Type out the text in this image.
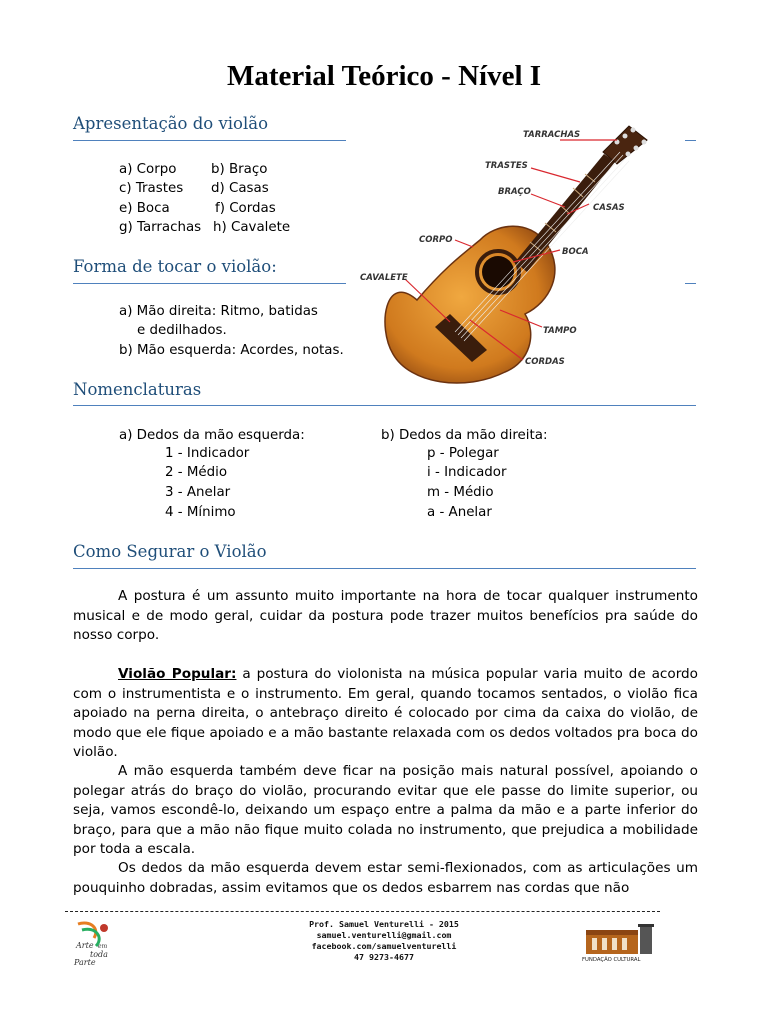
Material Teórico - Nível I
Apresentação do violão
a) Corpo	b) Braço
c) Trastes d) Casas
e) Boca	f) Cordas
g) Tarrachas h) Cavalete
Forma de tocar o violão:
a) Mão direita: Ritmo, batidas
e dedilhados.
b) Mão esquerda: Acordes, notas.
TARRACHAS
TRASTES
BRAÇO
CASAS
CORPO
BOCA
CAVALETE
TAMPO
CORDAS
Nomenclaturas
a) Dedos da mão esquerda:
1 - Indicador
2 - Médio
3 - Anelar
4 - Mínimo
b) Dedos da mão direita:
p - Polegar
i - Indicador
m - Médio
a - Anelar
Como Segurar o Violão
A postura é um assunto muito importante na hora de tocar qualquer instrumento musical e de modo geral, cuidar da postura pode trazer muitos benefícios pra saúde do nosso corpo.
Violão Popular: a postura do violonista na música popular varia muito de acordo com o instrumentista e o instrumento. Em geral, quando tocamos sentados, o violão fica apoiado na perna direita, o antebraço direito é colocado por cima da caixa do violão, de modo que ele fique apoiado e a mão bastante relaxada com os dedos voltados pra boca do violão.
A mão esquerda também deve ficar na posição mais natural possível, apoiando o polegar atrás do braço do violão, procurando evitar que ele passe do limite superior, ou seja, vamos escondê-lo, deixando um espaço entre a palma da mão e a parte inferior do braço, para que a mão não fique muito colada no instrumento, que prejudica a mobilidade por toda a escala.
Os dedos da mão esquerda devem estar semi-flexionados, com as articulações um pouquinho dobradas, assim evitamos que os dedos esbarrem nas cordas que não
Arte em
toda
Parte
Prof. Samuel Venturelli - 2015
samuel.venturelli@gmail.com
facebook.com/samuelventurelli
47 9273-4677	FUNDAÇÃO CULTURAL
